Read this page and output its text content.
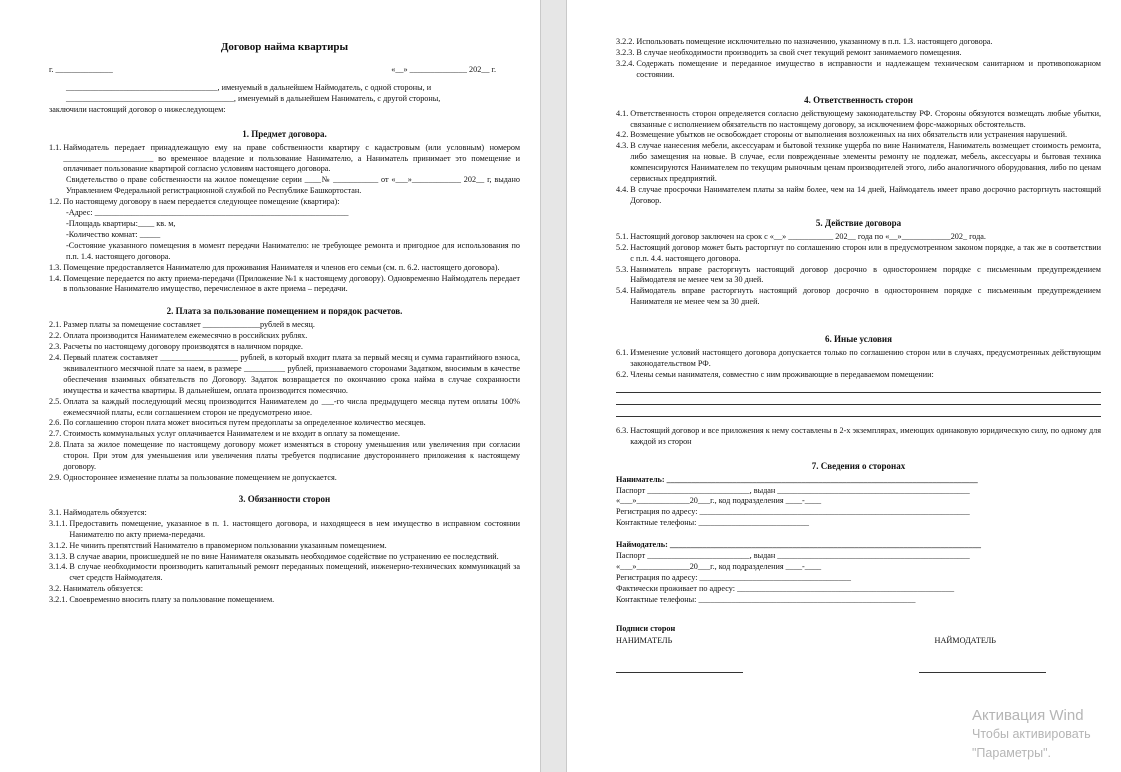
Договор найма квартиры
г. ______________	«__» ______________ 202__ г.
_____________________________________, именуемый в дальнейшем Наймодатель, с одной стороны, и
_________________________________________, именуемый в дальнейшем Наниматель, с другой стороны,
заключили настоящий договор о нижеследующем:
1. Предмет договора.
1.1. Наймодатель передает принадлежащую ему на праве собственности квартиру с кадастровым (или условным) номером ______________________ во временное владение и пользование Нанимателю, а Наниматель принимает это помещение и оплачивает пользование квартирой согласно условиям настоящего договора.
Свидетельство о праве собственности на жилое помещение серии ____№ ___________ от «___»____________ 202__ г, выдано Управлением Федеральной регистрационной службой по Республике Башкортостан.
1.2. По настоящему договору в наем передается следующее помещение (квартира):
-Адрес: ______________________________________________________________
-Площадь квартиры:____ кв. м,
-Количество комнат: _____
-Состояние указанного помещения в момент передачи Нанимателю: не требующее ремонта и пригодное для использования по п.п. 1.4. настоящего договора.
1.3. Помещение предоставляется Нанимателю для проживания Нанимателя и членов его семьи (см. п. 6.2. настоящего договора).
1.4. Помещение передается по акту приема-передачи (Приложение №1 к настоящему договору). Одновременно Наймодатель передает в пользование Нанимателю имущество, перечисленное в акте приема – передачи.
2. Плата за пользование помещением и порядок расчетов.
2.1. Размер платы за помещение составляет ______________рублей в месяц.
2.2. Оплата производится Нанимателем ежемесячно в российских рублях.
2.3. Расчеты по настоящему договору производятся в наличном порядке.
2.4. Первый платеж составляет ___________________ рублей, в который входит плата за первый месяц и сумма гарантийного взноса, эквивалентного месячной плате за наем, в размере __________ рублей, признаваемого сторонами Задатком, вносимым в качестве обеспечения взаимных обязательств по Договору. Задаток возвращается по окончанию срока найма в случае сохранности имущества и качества квартиры. В дальнейшем, оплата производится помесячно.
2.5. Оплата за каждый последующий месяц производится Нанимателем до ___-го числа предыдущего месяца путем оплаты 100% ежемесячной платы, если соглашением сторон не предусмотрено иное.
2.6. По соглашению сторон плата может вноситься путем предоплаты за определенное количество месяцев.
2.7. Стоимость коммунальных услуг оплачивается Нанимателем и не входит в оплату за помещение.
2.8. Плата за жилое помещение по настоящему договору может изменяться в сторону уменьшения или увеличения при согласии сторон. При этом для уменьшения или увеличения платы требуется подписание двусторонннего приложения к настоящему договору.
2.9. Одностороннее изменение платы за пользование помещением не допускается.
3. Обязанности сторон
3.1. Наймодатель обязуется:
3.1.1. Предоставить помещение, указанное в п. 1. настоящего договора, и находящееся в нем имущество в исправном состоянии Нанимателю по акту приема-передачи.
3.1.2. Не чинить препятствий Нанимателю в правомерном пользовании указанным помещением.
3.1.3. В случае аварии, происшедшей не по вине Нанимателя оказывать необходимое содействие по устранению ее последствий.
3.1.4. В случае необходимости производить капитальный ремонт переданных помещений, инженерно-технических коммуникаций за счет средств Наймодателя.
3.2. Наниматель обязуется:
3.2.1. Своевременно вносить плату за пользование помещением.
3.2.2. Использовать помещение исключительно по назначению, указанному в п.п. 1.3. настоящего договора.
3.2.3. В случае необходимости производить за свой счет текущий ремонт занимаемого помещения.
3.2.4. Содержать помещение и переданное имущество в исправности и надлежащем техническом санитарном и противопожарном состоянии.
4. Ответственность сторон
4.1. Ответственность сторон определяется согласно действующему законодательству РФ. Стороны обязуются возмещать любые убытки, связанные с исполнением обязательств по настоящему договору, за исключением форс-мажорных обстоятельств.
4.2. Возмещение убытков не освобождает стороны от выполнения возложенных на них обязательств или устранения нарушений.
4.3. В случае нанесения мебели, аксессуарам и бытовой технике ущерба по вине Нанимателя, Наниматель возмещает стоимость ремонта, либо замещения на новые. В случае, если поврежденные элементы ремонту не подлежат, мебель, аксессуары и бытовая техника компенсируются Нанимателем по текущим рыночным ценам производителей этого, либо аналогичного оборудования, либо по ценам сервисных предприятий.
4.4. В случае просрочки Нанимателем платы за найм более, чем на 14 дней, Наймодатель имеет право досрочно расторгнуть настоящий Договор.
5. Действие договора
5.1. Настоящий договор заключен на срок с «__» ___________ 202__ года по «__»____________202_ года.
5.2. Настоящий договор может быть расторгнут по соглашению сторон или в предусмотренном законом порядке, а так же в соответствии с п.п. 4.4. настоящего договора.
5.3. Наниматель вправе расторгнуть настоящий договор досрочно в одностороннем порядке с письменным предупреждением Наймодателя не менее чем за 30 дней.
5.4. Наймодатель вправе расторгнуть настоящий договор досрочно в одностороннем порядке с письменным предупреждением Нанимателя не менее чем за 30 дней.
6. Иные условия
6.1. Изменение условий настоящего договора допускается только по соглашению сторон или в случаях, предусмотренных действующим законодательством РФ.
6.2. Члены семьи нанимателя, совместно с ним проживающие в передаваемом помещении:
6.3. Настоящий договор и все приложения к нему составлены в 2-х экземплярах, имеющих одинаковую юридическую силу, по одному для каждой из сторон
7. Сведения о сторонах
Наниматель: ____________________________________________________________________________
Паспорт _________________________, выдан _______________________________________________
«___»_____________20___г., код подразделения ____-____
Регистрация по адресу: __________________________________________________________________
Контактные телефоны: ___________________________
Наймодатель: ____________________________________________________________________________
Паспорт _________________________, выдан _______________________________________________
«___»_____________20___г., код подразделения ____-____
Регистрация по адресу: _____________________________________
Фактически проживает по адресу: _____________________________________________________
Контактные телефоны: _____________________________________________________
Подписи сторон
НАНИМАТЕЛЬ	НАЙМОДАТЕЛЬ
Активация Wind
Чтобы активировать
"Параметры".
